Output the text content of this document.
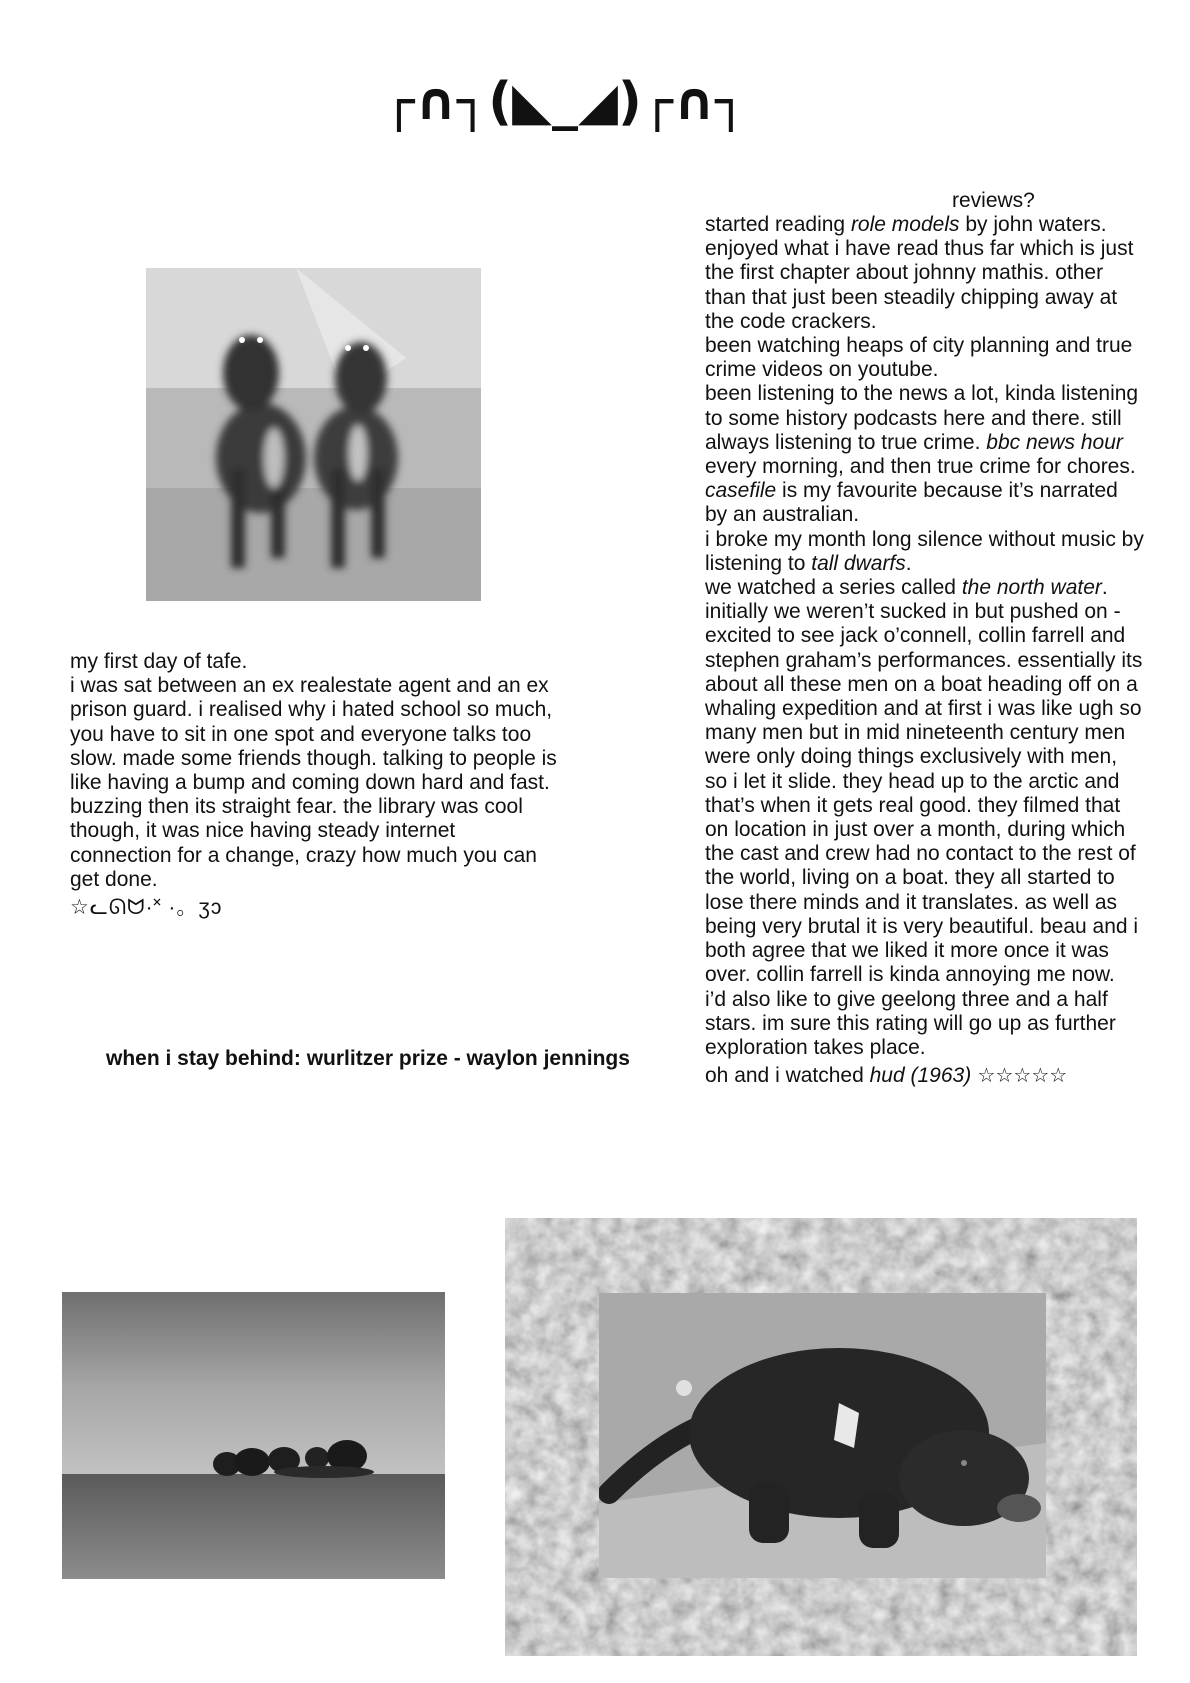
┌∩┐(◣_◢)┌∩┐

my first day of tafe.

i was sat between an ex realestate agent and an ex prison guard. i realised why i hated school so much, you have to sit in one spot and everyone talks too slow. made some friends though. talking to people is like having a bump and coming down hard and fast. buzzing then its straight fear. the library was cool though, it was nice having steady internet connection for a change, crazy how much you can get done.

☆ᓚᘏᗢ·˟ ·。ʒɔ

when i stay behind: wurlitzer prize - waylon jennings
reviews?

started reading role models by john waters. enjoyed what i have read thus far which is just the first chapter about johnny mathis. other than that just been steadily chipping away at the code crackers.

been watching heaps of city planning and true crime videos on youtube.

been listening to the news a lot, kinda listening to some history podcasts here and there. still always listening to true crime. bbc news hour every morning, and then true crime for chores. casefile is my favourite because it’s narrated by an australian.

i broke my month long silence without music by listening to tall dwarfs.

we watched a series called the north water. initially we weren’t sucked in but pushed on - excited to see jack o’connell, collin farrell and stephen graham’s performances. essentially its about all these men on a boat heading off on a whaling expedition and at first i was like ugh so many men but in mid nineteenth century men were only doing things exclusively with men, so i let it slide. they head up to the arctic and that’s when it gets real good. they filmed that on location in just over a month, during which the cast and crew had no contact to the rest of the world, living on a boat. they all started to lose there minds and it translates. as well as being very brutal it is very beautiful. beau and i both agree that we liked it more once it was over. collin farrell is kinda annoying me now.

i’d also like to give geelong three and a half stars. im sure this rating will go up as further exploration takes place.

oh and i watched hud (1963) ☆☆☆☆☆
